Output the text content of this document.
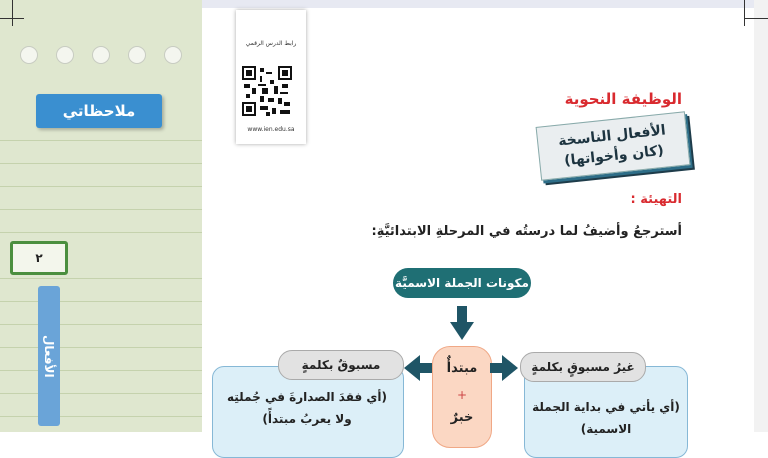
ملاحظاتي
٢
الأفعال
رابط الدرس الرقمي
www.ien.edu.sa
الوظيفة النحوية
الأفعال الناسخة
(كان وأخواتها)
التهيئة :
أسترجعُ وأضيفُ لما درستُه في المرحلةِ الابتدائيَّةِ:
مكونات الجملة الاسميَّة
مبتدأٌ
+
خبرٌ
غيرُ مسبوقٍ بكلمةٍ
(أي يأتي في بداية الجملة الاسمية)
مسبوقٌ بكلمةٍ
(أي فقدَ الصدارةَ في جُملتِه ولا يعربُ مبتدأً)
